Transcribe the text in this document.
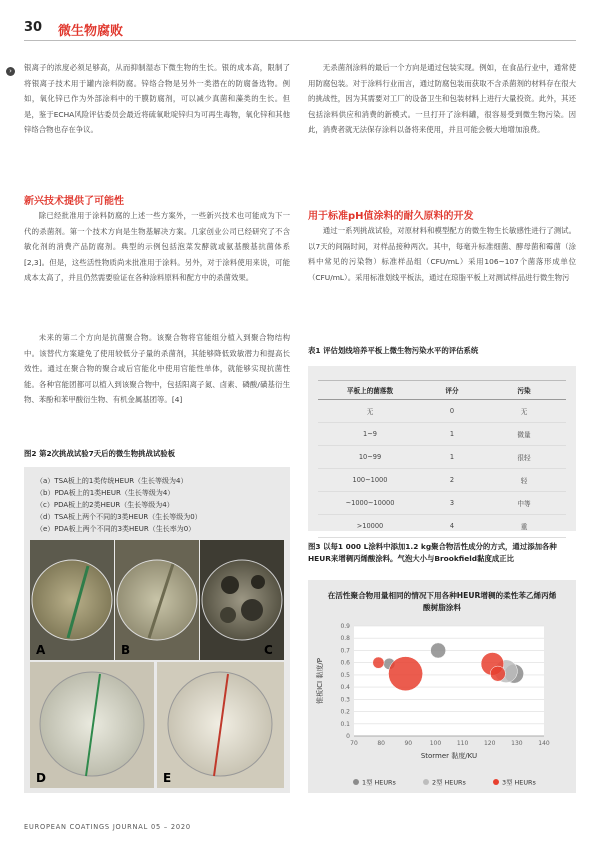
30 微生物腐败
›	银离子的浓度必须足够高，从而抑制湿态下微生物的生长。银的成本高，限制了将银离子技术用于罐内涂料防腐。锌络合物是另外一类潜在的防腐备选物。例如，氧化锌已作为外部涂料中的干膜防腐剂，可以减少真菌和藻类的生长。但是，鉴于ECHA风险评估委员会最近将硫氧吡啶锌归为可再生毒物，氧化锌和其他锌络合物也存在争议。
新兴技术提供了可能性
除已经批准用于涂料防腐的上述一些方案外，一些新兴技术也可能成为下一代的杀菌剂。第一个技术方向是生物基解决方案。几家创业公司已经研究了不含敏化剂的消费产品防腐剂。典型的示例包括泡菜发酵就或氨基酸基抗菌体系[2,3]。但是，这些活性物质尚未批准用于涂料。另外，对于涂料使用来说，可能成本太高了，并且仍然需要验证在各种涂料原料和配方中的杀菌效果。
未来的第二个方向是抗菌聚合物。该聚合物将官能组分植入到聚合物结构中。该替代方案避免了使用较低分子量的杀菌剂，其能够降低致敏潜力和提高长效性。通过在聚合物的聚合或后官能化中使用官能性单体，就能够实现抗菌性能。各种官能团都可以植入到该聚合物中，包括阳离子氮、卤素、磷酸/磺基衍生物、苯酚和苯甲酸衍生物、有机金属基团等。[4]
图2 第2次挑战试验7天后的微生物挑战试验板
（a）TSA板上的1类传统HEUR（生长等级为4）
（b）PDA板上的1类HEUR（生长等级为4）
（c）PDA板上的2类HEUR（生长等级为4）
（d）TSA板上两个不同的3类HEUR（生长等级为0）
（e）PDA板上两个不同的3类HEUR（生长率为0）
A	B	C
D	E
无杀菌剂涂料的最后一个方向是通过包装实现。例如，在食品行业中，通常使用防腐包装。对于涂料行业而言，通过防腐包装而获取不含杀菌剂的材料存在很大的挑战性，因为其需要对工厂的设备卫生和包装材料上进行大量投资。此外，其还包括涂料供应和消费的新模式。一旦打开了涂料罐，很容易受到微生物污染。因此，消费者就无法保存涂料以备将来使用，并且可能会极大地增加浪费。
用于标准pH值涂料的耐久原料的开发
通过一系列挑战试验，对原材料和模型配方的微生物生长敏感性进行了测试。以7天的间隔时间，对样品接种两次。其中，每毫升标准细菌、酵母菌和霉菌（涂料中常见的污染物）标准样品组（CFU/mL）采用106~107个菌落形成单位（CFU/mL）。采用标准划线平板法，通过在琼脂平板上对测试样品进行微生物污
表1 评估划线培养平板上微生物污染水平的评估系统
平板上的菌落数	评分	污染
无	0	无
1~9	1	微量
10~99	1	很轻
100~1000	2	轻
~1000~10000	3	中等
>10000	4	重
图3 以每1 000 L涂料中添加1.2 kg聚合物活性成分的方式，通过添加各种HEUR来增稠丙烯酸涂料。气泡大小与Brookfield黏度成正比
在活性聚合物用量相同的情况下用各种HEUR增稠的柔性苯乙烯丙烯
酸树脂涂料
0
0.1
0.2
0.3
0.4
0.5
0.6
0.7
0.8
0.9
70	80	90	100	110	120	130	140
Stormer 黏度/KU
锥板ICI 黏度/P
1型 HEURs	2型 HEURs	3型 HEURs
EUROPEAN COATINGS JOURNAL 05 – 2020
